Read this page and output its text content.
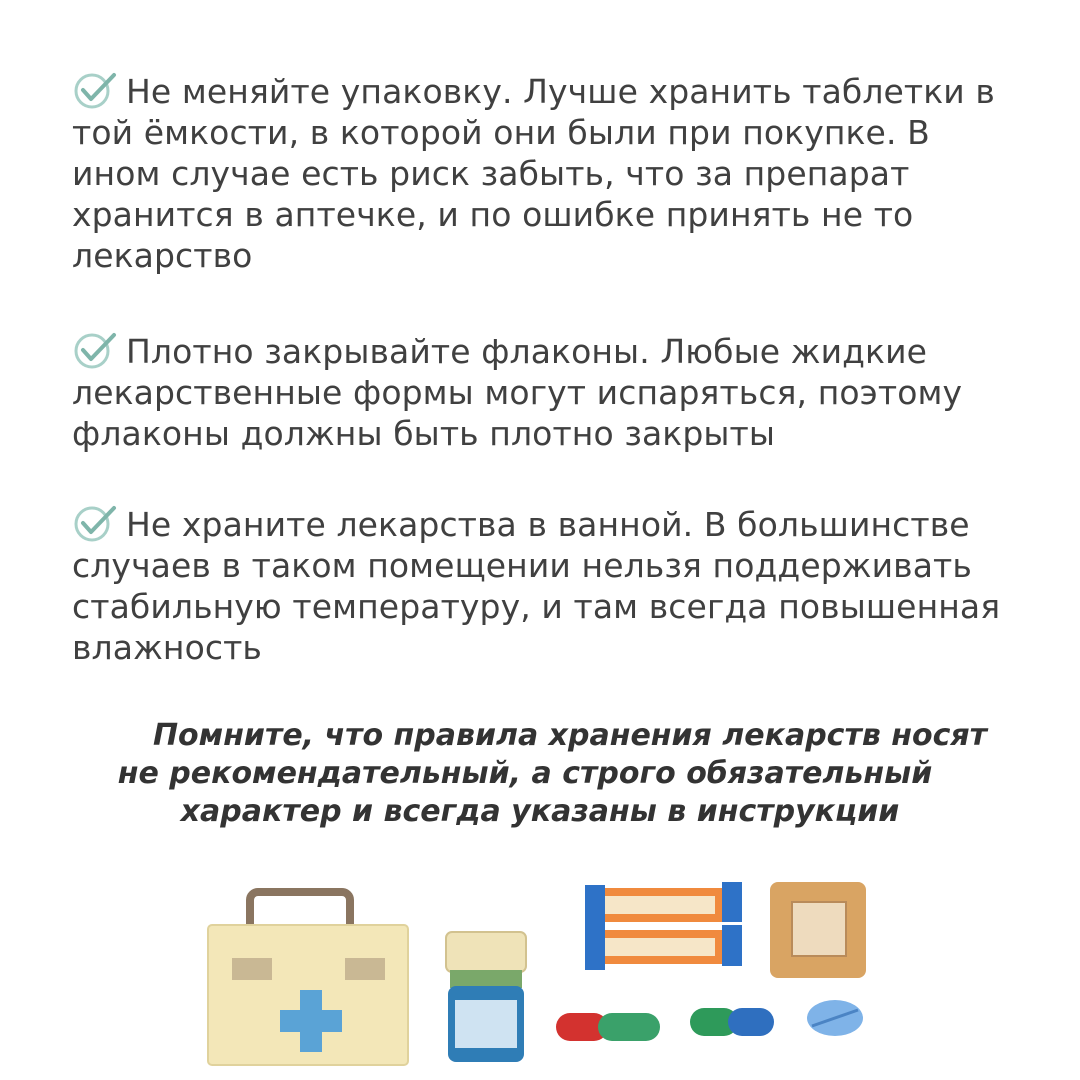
Не меняйте упаковку. Лучше хранить таблетки в той ёмкости, в которой они были при покупке. В ином случае есть риск забыть, что за препарат хранится в аптечке, и по ошибке принять не то лекарство
Плотно закрывайте флаконы. Любые жидкие лекарственные формы могут испаряться, поэтому флаконы должны быть плотно закрыты
Не храните лекарства в ванной. В большинстве случаев в таком помещении нельзя поддерживать стабильную температуру, и там всегда повышенная влажность
Помните, что правила хранения лекарств носят
не рекомендательный, а строго обязательный
характер и всегда указаны в инструкции
